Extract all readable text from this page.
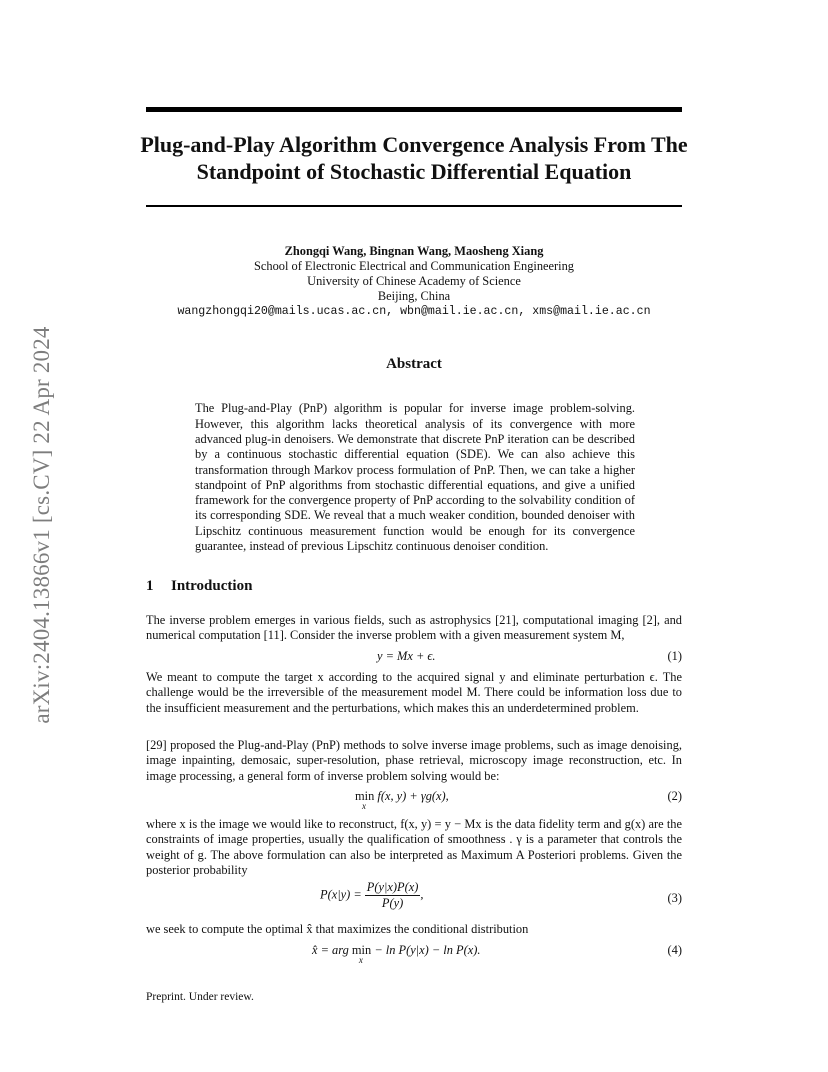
arXiv:2404.13866v1 [cs.CV] 22 Apr 2024
Plug-and-Play Algorithm Convergence Analysis From The Standpoint of Stochastic Differential Equation
Zhongqi Wang, Bingnan Wang, Maosheng Xiang
School of Electronic Electrical and Communication Engineering
University of Chinese Academy of Science
Beijing, China
wangzhongqi20@mails.ucas.ac.cn, wbn@mail.ie.ac.cn, xms@mail.ie.ac.cn
Abstract

The Plug-and-Play (PnP) algorithm is popular for inverse image problem-solving. However, this algorithm lacks theoretical analysis of its convergence with more advanced plug-in denoisers. We demonstrate that discrete PnP iteration can be described by a continuous stochastic differential equation (SDE). We can also achieve this transformation through Markov process formulation of PnP. Then, we can take a higher standpoint of PnP algorithms from stochastic differential equations, and give a unified framework for the convergence property of PnP according to the solvability condition of its corresponding SDE. We reveal that a much weaker condition, bounded denoiser with Lipschitz continuous measurement function would be enough for its convergence guarantee, instead of previous Lipschitz continuous denoiser condition.

1 Introduction

The inverse problem emerges in various fields, such as astrophysics [21], computational imaging [2], and numerical computation [11]. Consider the inverse problem with a given measurement system M,

y = Mx + ϵ.	(1)

We meant to compute the target x according to the acquired signal y and eliminate perturbation ϵ. The challenge would be the irreversible of the measurement model M. There could be information loss due to the insufficient measurement and the perturbations, which makes this an underdetermined problem.

[29] proposed the Plug-and-Play (PnP) methods to solve inverse image problems, such as image denoising, image inpainting, demosaic, super-resolution, phase retrieval, microscopy image reconstruction, etc. In image processing, a general form of inverse problem solving would be:

min
x
f(x, y) + γg(x),	(2)

where x is the image we would like to reconstruct, f(x, y) = y − Mx is the data fidelity term and g(x) are the constraints of image properties, usually the qualification of smoothness . γ is a parameter that controls the weight of g. The above formulation can also be interpreted as Maximum A Posteriori problems. Given the posterior probability

$P(x|y) = \frac{P(y|x)P(x)}{P(y)}$ ,	(3)

we seek to compute the optimal x̂ that maximizes the conditional distribution

x̂ = arg min
x
− ln P(y|x) − ln P(x).	(4)
Preprint. Under review.
